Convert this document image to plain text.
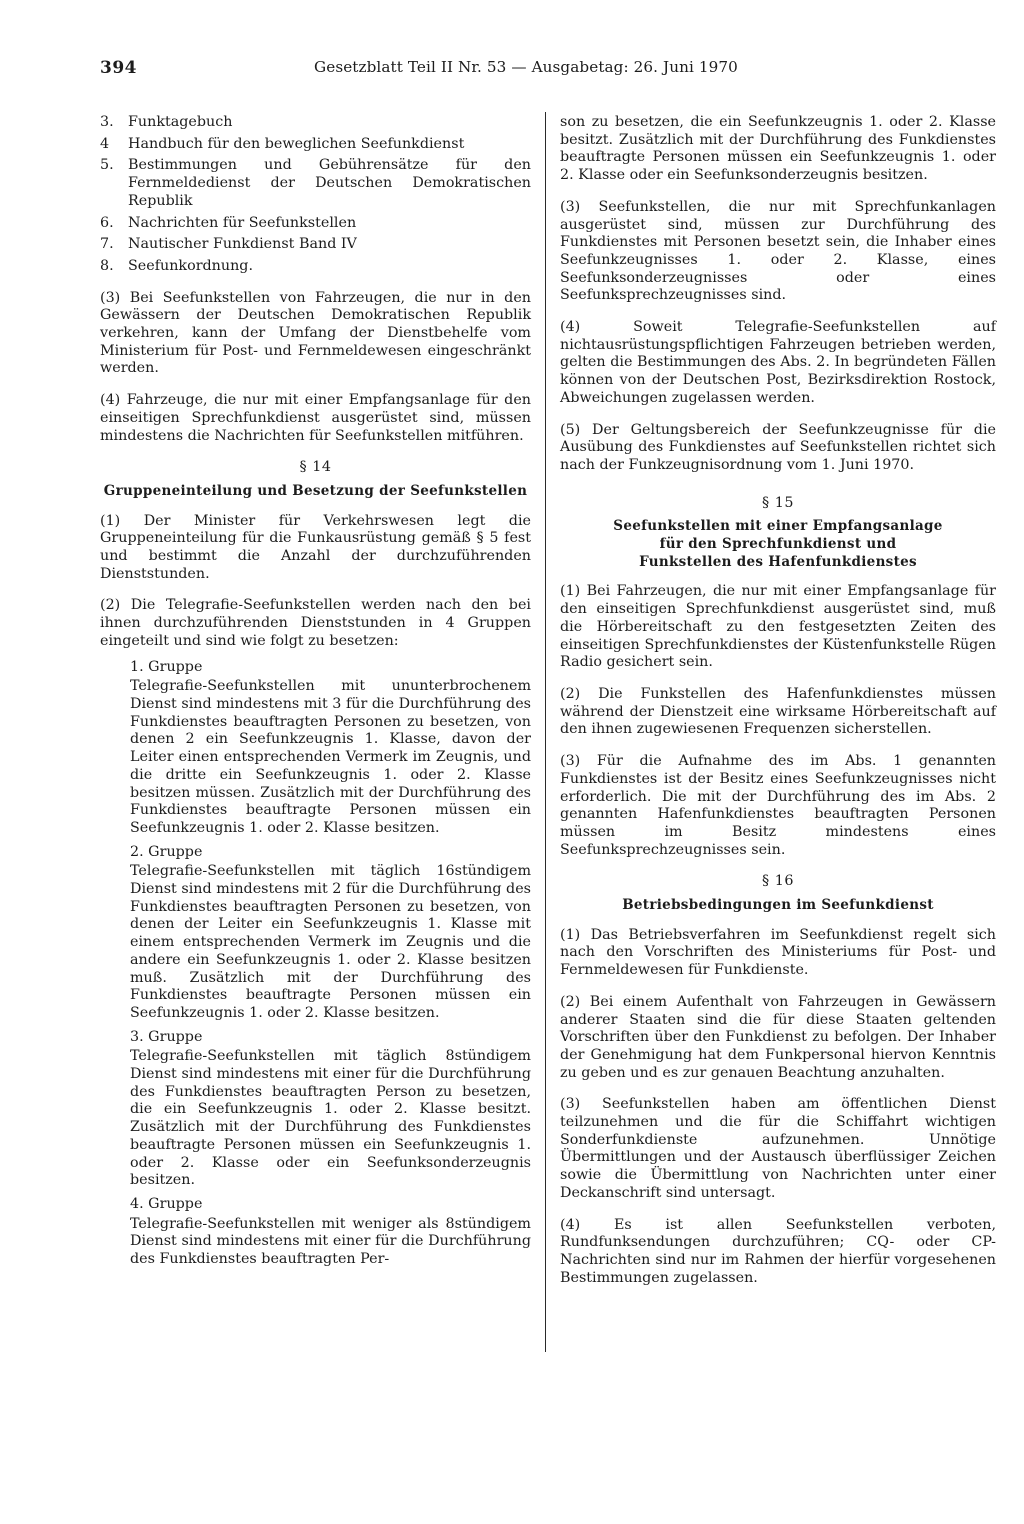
394	Gesetzblatt Teil II Nr. 53 — Ausgabetag: 26. Juni 1970
3.	Funktagebuch
4	Handbuch für den beweglichen Seefunkdienst
5.	Bestimmungen und Gebührensätze für den Fernmeldedienst der Deutschen Demokratischen Republik
6.	Nachrichten für Seefunkstellen
7.	Nautischer Funkdienst Band IV
8.	Seefunkordnung.

(3) Bei Seefunkstellen von Fahrzeugen, die nur in den Gewässern der Deutschen Demokratischen Republik verkehren, kann der Umfang der Dienstbehelfe vom Ministerium für Post- und Fernmeldewesen eingeschränkt werden.

(4) Fahrzeuge, die nur mit einer Empfangsanlage für den einseitigen Sprechfunkdienst ausgerüstet sind, müssen mindestens die Nachrichten für Seefunkstellen mitführen.

§ 14
Gruppeneinteilung und Besetzung der Seefunkstellen

(1) Der Minister für Verkehrswesen legt die Gruppeneinteilung für die Funkausrüstung gemäß § 5 fest und bestimmt die Anzahl der durchzuführenden Dienststunden.

(2) Die Telegrafie-Seefunkstellen werden nach den bei ihnen durchzuführenden Dienststunden in 4 Gruppen eingeteilt und sind wie folgt zu besetzen:

1. Gruppe
Telegrafie-Seefunkstellen mit ununterbrochenem Dienst sind mindestens mit 3 für die Durchführung des Funkdienstes beauftragten Personen zu besetzen, von denen 2 ein Seefunkzeugnis 1. Klasse, davon der Leiter einen entsprechenden Vermerk im Zeugnis, und die dritte ein Seefunkzeugnis 1. oder 2. Klasse besitzen müssen. Zusätzlich mit der Durchführung des Funkdienstes beauftragte Personen müssen ein Seefunkzeugnis 1. oder 2. Klasse besitzen.
2. Gruppe
Telegrafie-Seefunkstellen mit täglich 16stündigem Dienst sind mindestens mit 2 für die Durchführung des Funkdienstes beauftragten Personen zu besetzen, von denen der Leiter ein Seefunkzeugnis 1. Klasse mit einem entsprechenden Vermerk im Zeugnis und die andere ein Seefunkzeugnis 1. oder 2. Klasse besitzen muß. Zusätzlich mit der Durchführung des Funkdienstes beauftragte Personen müssen ein Seefunkzeugnis 1. oder 2. Klasse besitzen.
3. Gruppe
Telegrafie-Seefunkstellen mit täglich 8stündigem Dienst sind mindestens mit einer für die Durchführung des Funkdienstes beauftragten Person zu besetzen, die ein Seefunkzeugnis 1. oder 2. Klasse besitzt. Zusätzlich mit der Durchführung des Funkdienstes beauftragte Personen müssen ein Seefunkzeugnis 1. oder 2. Klasse oder ein Seefunksonderzeugnis besitzen.
4. Gruppe
Telegrafie-Seefunkstellen mit weniger als 8stündigem Dienst sind mindestens mit einer für die Durchführung des Funkdienstes beauftragten Per-

son zu besetzen, die ein Seefunkzeugnis 1. oder 2. Klasse besitzt. Zusätzlich mit der Durchführung des Funkdienstes beauftragte Personen müssen ein Seefunkzeugnis 1. oder 2. Klasse oder ein Seefunksonderzeugnis besitzen.

(3) Seefunkstellen, die nur mit Sprechfunkanlagen ausgerüstet sind, müssen zur Durchführung des Funkdienstes mit Personen besetzt sein, die Inhaber eines Seefunkzeugnisses 1. oder 2. Klasse, eines Seefunksonderzeugnisses oder eines Seefunksprechzeugnisses sind.

(4) Soweit Telegrafie-Seefunkstellen auf nichtausrüstungspflichtigen Fahrzeugen betrieben werden, gelten die Bestimmungen des Abs. 2. In begründeten Fällen können von der Deutschen Post, Bezirksdirektion Rostock, Abweichungen zugelassen werden.

(5) Der Geltungsbereich der Seefunkzeugnisse für die Ausübung des Funkdienstes auf Seefunkstellen richtet sich nach der Funkzeugnisordnung vom 1. Juni 1970.

§ 15
Seefunkstellen mit einer Empfangsanlage
für den Sprechfunkdienst und
Funkstellen des Hafenfunkdienstes

(1) Bei Fahrzeugen, die nur mit einer Empfangsanlage für den einseitigen Sprechfunkdienst ausgerüstet sind, muß die Hörbereitschaft zu den festgesetzten Zeiten des einseitigen Sprechfunkdienstes der Küstenfunkstelle Rügen Radio gesichert sein.

(2) Die Funkstellen des Hafenfunkdienstes müssen während der Dienstzeit eine wirksame Hörbereitschaft auf den ihnen zugewiesenen Frequenzen sicherstellen.

(3) Für die Aufnahme des im Abs. 1 genannten Funkdienstes ist der Besitz eines Seefunkzeugnisses nicht erforderlich. Die mit der Durchführung des im Abs. 2 genannten Hafenfunkdienstes beauftragten Personen müssen im Besitz mindestens eines Seefunksprechzeugnisses sein.

§ 16
Betriebsbedingungen im Seefunkdienst

(1) Das Betriebsverfahren im Seefunkdienst regelt sich nach den Vorschriften des Ministeriums für Post- und Fernmeldewesen für Funkdienste.

(2) Bei einem Aufenthalt von Fahrzeugen in Gewässern anderer Staaten sind die für diese Staaten geltenden Vorschriften über den Funkdienst zu befolgen. Der Inhaber der Genehmigung hat dem Funkpersonal hiervon Kenntnis zu geben und es zur genauen Beachtung anzuhalten.

(3) Seefunkstellen haben am öffentlichen Dienst teilzunehmen und die für die Schiffahrt wichtigen Sonderfunkdienste aufzunehmen. Unnötige Übermittlungen und der Austausch überflüssiger Zeichen sowie die Übermittlung von Nachrichten unter einer Deckanschrift sind untersagt.

(4) Es ist allen Seefunkstellen verboten, Rundfunksendungen durchzuführen; CQ- oder CP-Nachrichten sind nur im Rahmen der hierfür vorgesehenen Bestimmungen zugelassen.
